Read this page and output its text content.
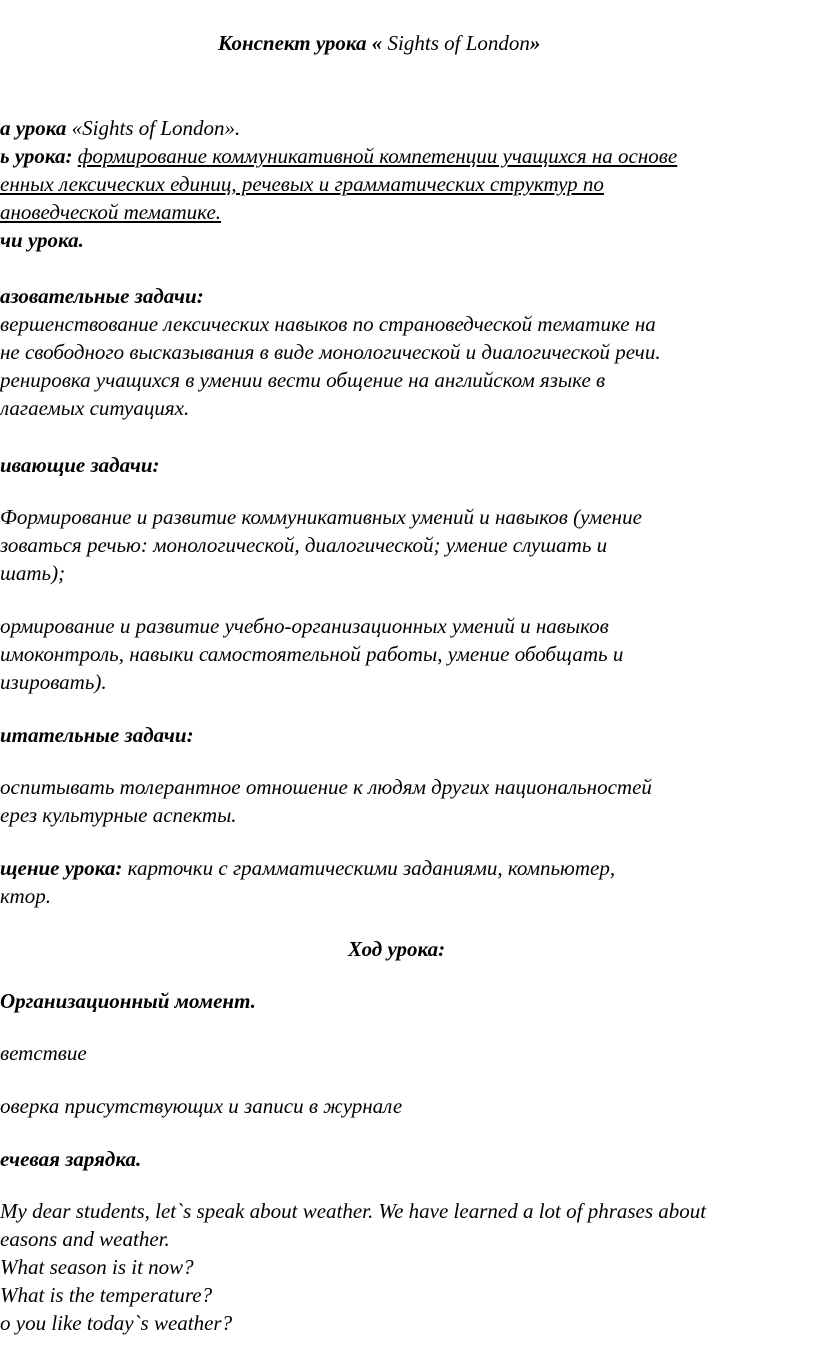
Конспект урока « Sights of London»
а урока «Sights of London».
ь урока: формирование коммуникативной компетенции учащихся на основе
енных лексических единиц, речевых и грамматических структур по
ановедческой тематике.
чи урока.
азовательные задачи:
вершенствование лексических навыков по страноведческой тематике на
не свободного высказывания в виде монологической и диалогической речи.
ренировка учащихся в умении вести общение на английском языке в
лагаемых ситуациях.
ивающие задачи:
Формирование и развитие коммуникативных умений и навыков (умение
зоваться речью: монологической, диалогической; умение слушать и
шать);
ормирование и развитие учебно-организационных умений и навыков
имоконтроль, навыки самостоятельной работы, умение обобщать и
изировать).
итательные задачи:
оспитывать толерантное отношение к людям других национальностей
ерез культурные аспекты.
щение урока: карточки с грамматическими заданиями, компьютер,
ктор.
Ход урока:
Организационный момент.
ветствие
оверка присутствующих и записи в журнале
ечевая зарядка.
My dear students, let`s speak about weather. We have learned a lot of phrases about
easons and weather.
What season is it now?
What is the temperature?
o you like today`s weather?
